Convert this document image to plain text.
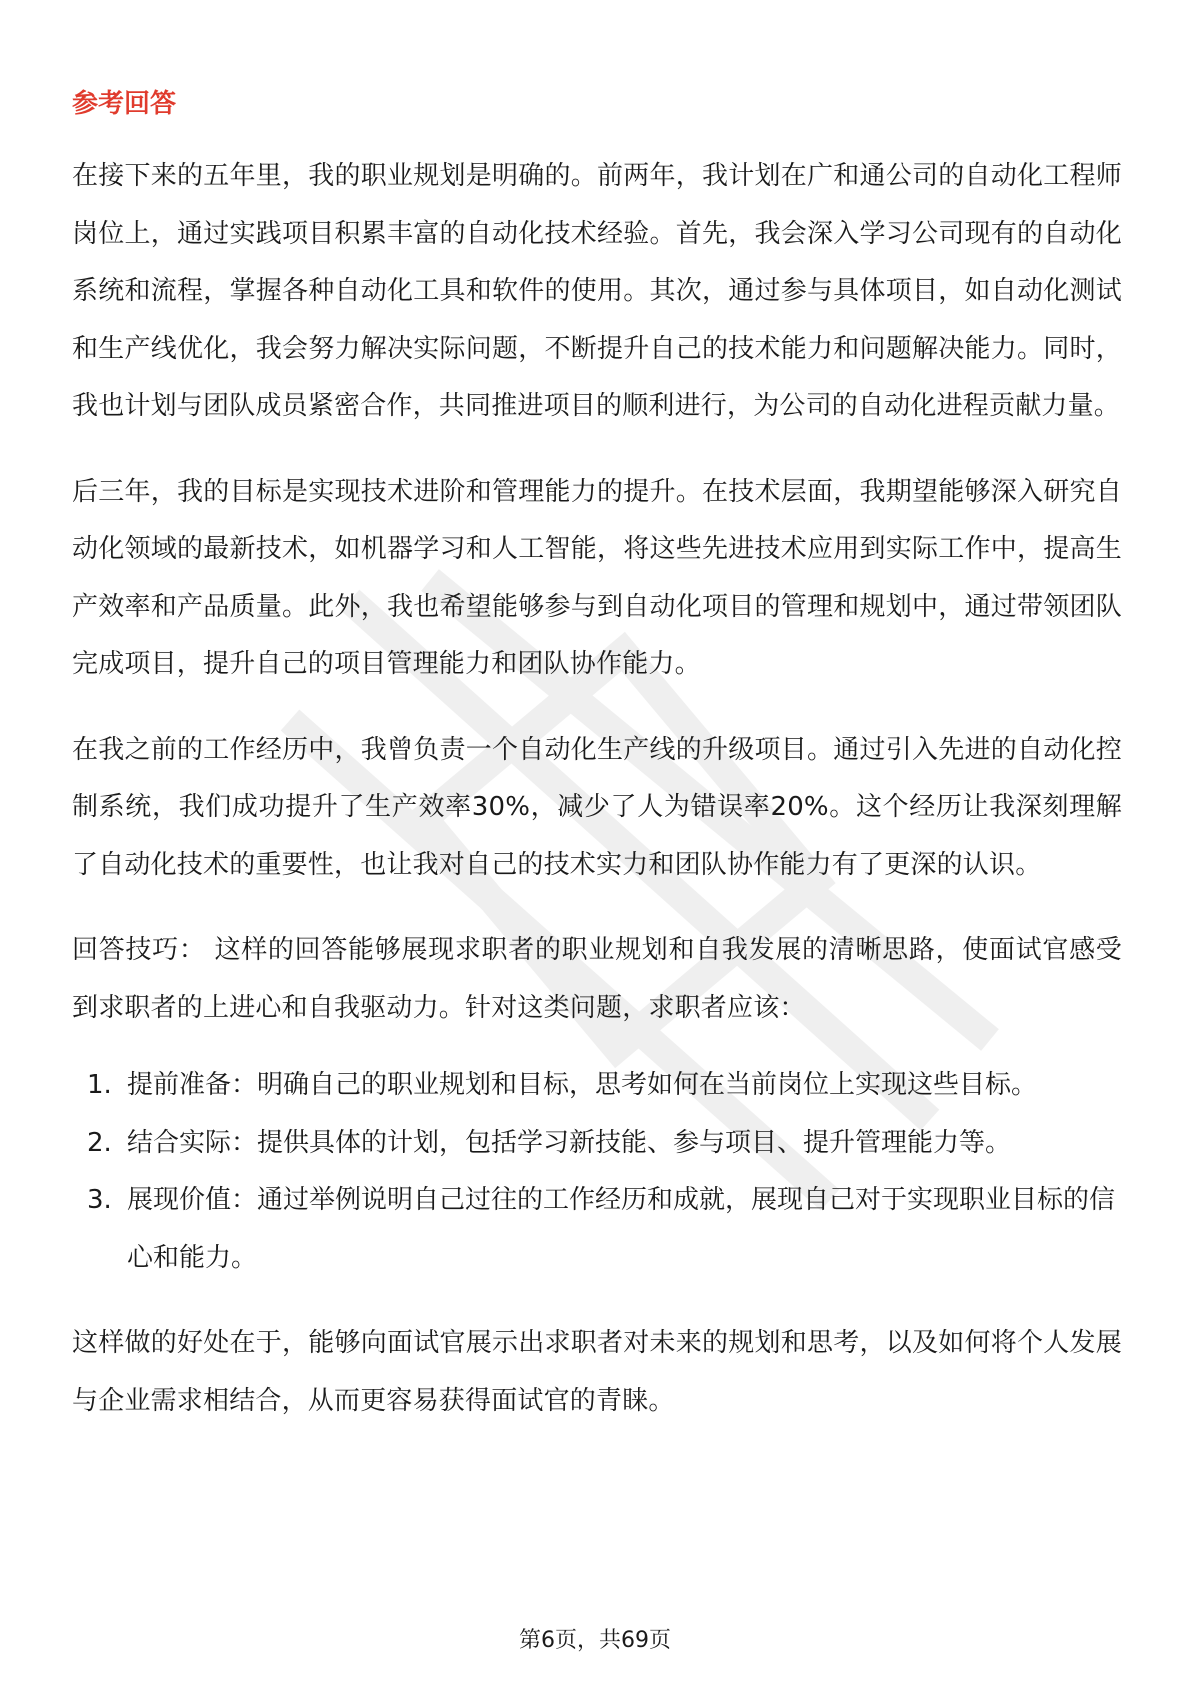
参考回答

在接下来的五年里，我的职业规划是明确的。前两年，我计划在广和通公司的自动化工程师岗位上，通过实践项目积累丰富的自动化技术经验。首先，我会深入学习公司现有的自动化系统和流程，掌握各种自动化工具和软件的使用。其次，通过参与具体项目，如自动化测试和生产线优化，我会努力解决实际问题，不断提升自己的技术能力和问题解决能力。同时，我也计划与团队成员紧密合作，共同推进项目的顺利进行，为公司的自动化进程贡献力量。

后三年，我的目标是实现技术进阶和管理能力的提升。在技术层面，我期望能够深入研究自动化领域的最新技术，如机器学习和人工智能，将这些先进技术应用到实际工作中，提高生产效率和产品质量。此外，我也希望能够参与到自动化项目的管理和规划中，通过带领团队完成项目，提升自己的项目管理能力和团队协作能力。

在我之前的工作经历中，我曾负责一个自动化生产线的升级项目。通过引入先进的自动化控制系统，我们成功提升了生产效率30%，减少了人为错误率20%。这个经历让我深刻理解了自动化技术的重要性，也让我对自己的技术实力和团队协作能力有了更深的认识。

回答技巧： 这样的回答能够展现求职者的职业规划和自我发展的清晰思路，使面试官感受到求职者的上进心和自我驱动力。针对这类问题，求职者应该：

1. 提前准备：明确自己的职业规划和目标，思考如何在当前岗位上实现这些目标。
2. 结合实际：提供具体的计划，包括学习新技能、参与项目、提升管理能力等。
3. 展现价值：通过举例说明自己过往的工作经历和成就，展现自己对于实现职业目标的信心和能力。

这样做的好处在于，能够向面试官展示出求职者对未来的规划和思考，以及如何将个人发展与企业需求相结合，从而更容易获得面试官的青睐。

第6页，共69页
